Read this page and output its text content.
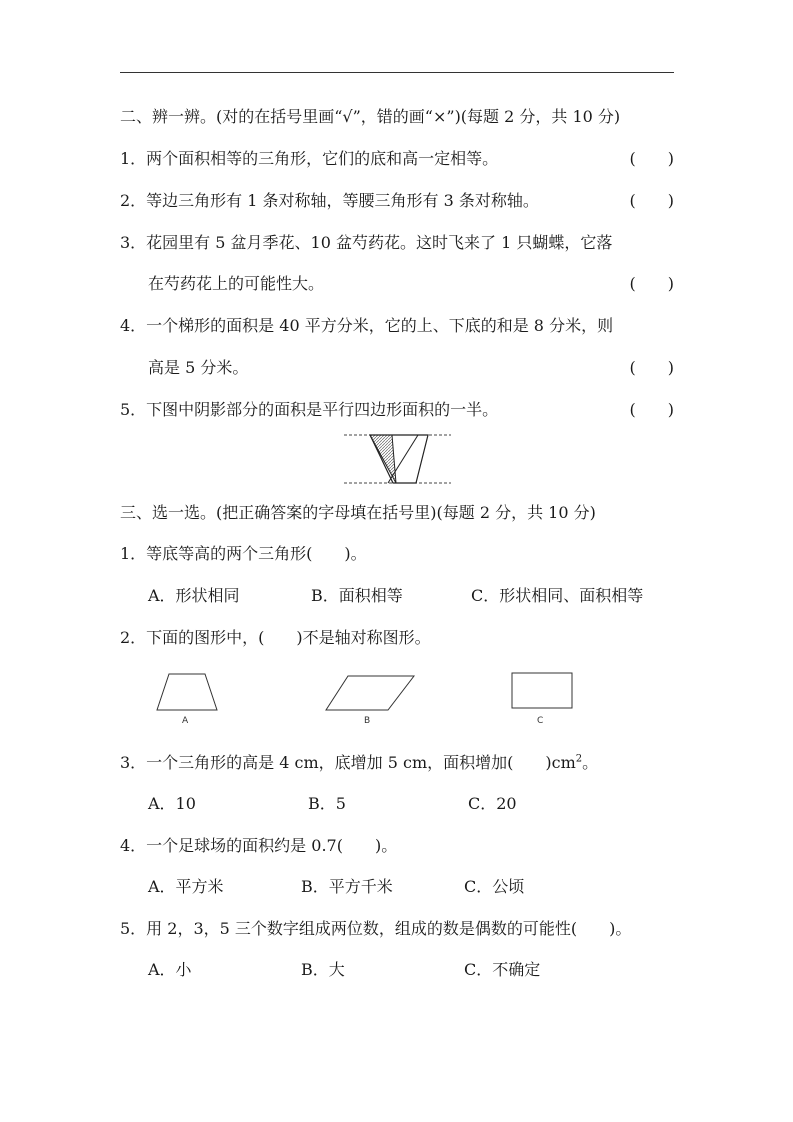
二、辨一辨。(对的在括号里画“√”，错的画“×”)(每题 2 分，共 10 分)
1．两个面积相等的三角形，它们的底和高一定相等。	(　　)
2．等边三角形有 1 条对称轴，等腰三角形有 3 条对称轴。	(　　)
3．花园里有 5 盆月季花、10 盆芍药花。这时飞来了 1 只蝴蝶，它落
在芍药花上的可能性大。	(　　)
4．一个梯形的面积是 40 平方分米，它的上、下底的和是 8 分米，则
高是 5 分米。	(　　)
5．下图中阴影部分的面积是平行四边形面积的一半。	(　　)
三、选一选。(把正确答案的字母填在括号里)(每题 2 分，共 10 分)
1．等底等高的两个三角形(　　)。
A．形状相同	B．面积相等	C．形状相同、面积相等
2．下面的图形中，(　　)不是轴对称图形。
A	B	C
3．一个三角形的高是 4 cm，底增加 5 cm，面积增加(　　)$cm^2$。
A．10	B．5	C．20
4．一个足球场的面积约是 0.7(　　)。
A．平方米	B．平方千米	C．公顷
5．用 2，3，5 三个数字组成两位数，组成的数是偶数的可能性(　　)。
A．小	B．大	C．不确定
